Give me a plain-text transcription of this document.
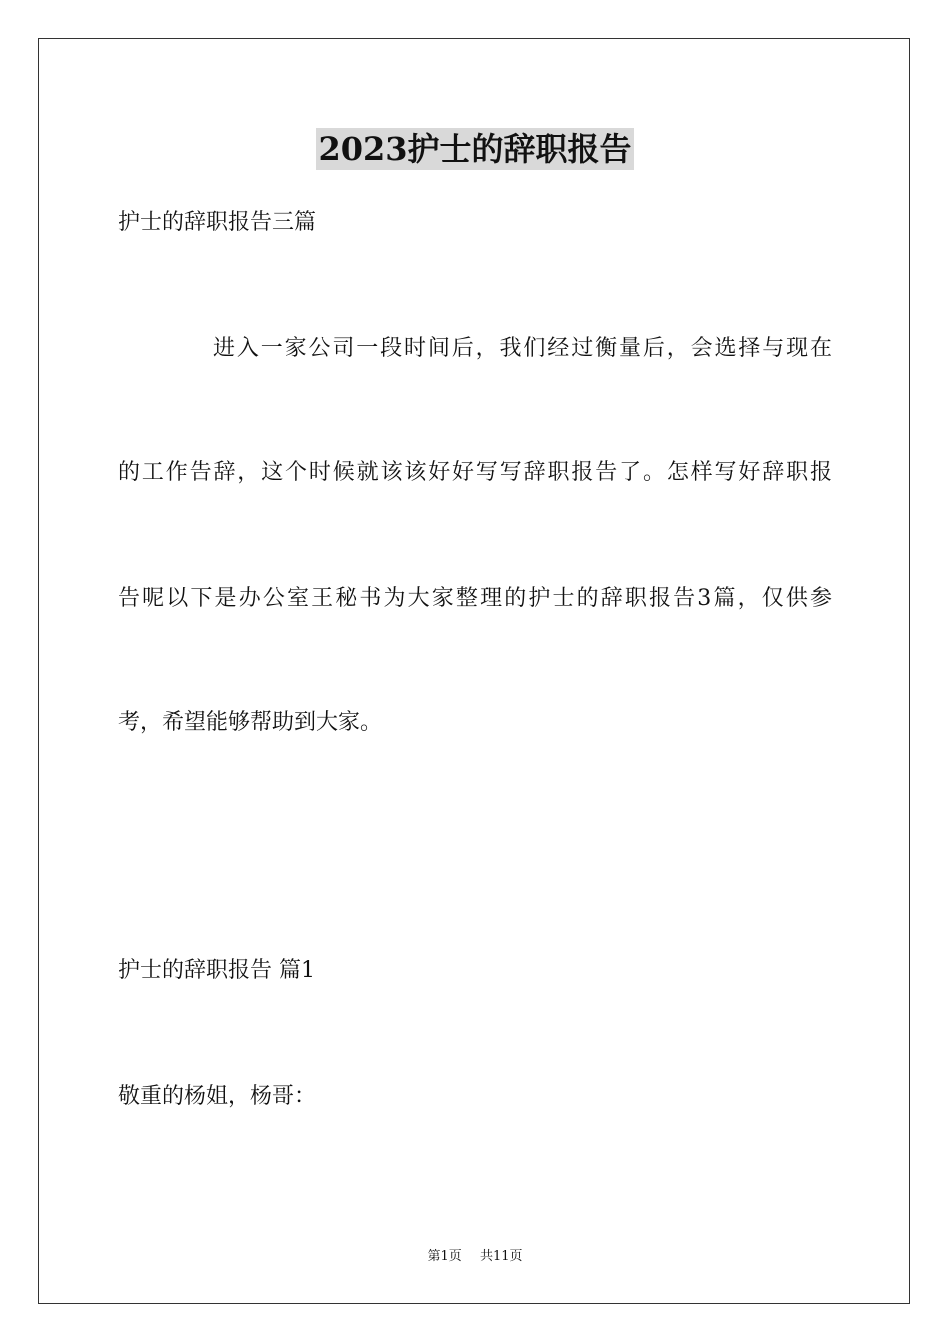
2023护士的辞职报告
护士的辞职报告三篇
进入一家公司一段时间后，我们经过衡量后，会选择与现在
的工作告辞，这个时候就该该好好写写辞职报告了。怎样写好辞职报
告呢以下是办公室王秘书为大家整理的护士的辞职报告3篇，仅供参
考，希望能够帮助到大家。
护士的辞职报告 篇1
敬重的杨姐，杨哥：
第1页 共11页
